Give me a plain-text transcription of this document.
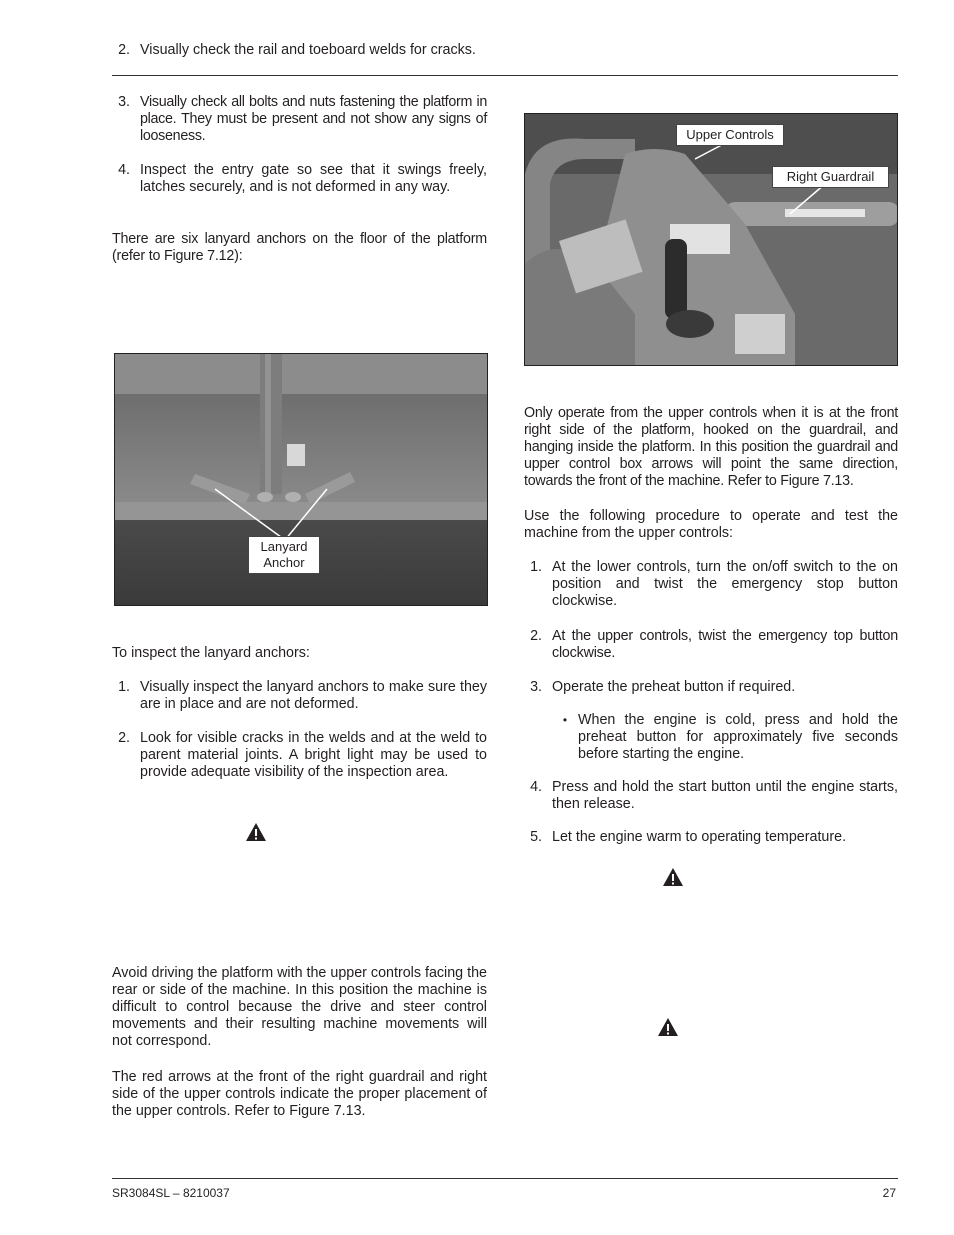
2. Visually check the rail and toeboard welds for cracks.
3. Visually check all bolts and nuts fastening the platform in place. They must be present and not show any signs of looseness.
4. Inspect the entry gate so see that it swings freely, latches securely, and is not deformed in any way.
There are six lanyard anchors on the floor of the platform (refer to Figure 7.12):
Lanyard
Anchor
To inspect the lanyard anchors:
1. Visually inspect the lanyard anchors to make sure they are in place and are not deformed.
2. Look for visible cracks in the welds and at the weld to parent material joints. A bright light may be used to provide adequate visibility of the inspection area.
Avoid driving the platform with the upper controls facing the rear or side of the machine. In this position the machine is difficult to control because the drive and steer control movements and their resulting machine movements will not correspond.
The red arrows at the front of the right guardrail and right side of the upper controls indicate the proper placement of the upper controls. Refer to Figure 7.13.
Upper Controls
Right Guardrail
Only operate from the upper controls when it is at the front right side of the platform, hooked on the guardrail, and hanging inside the platform. In this position the guardrail and upper control box arrows will point the same direction, towards the front of the machine. Refer to Figure 7.13.
Use the following procedure to operate and test the machine from the upper controls:
1. At the lower controls, turn the on/off switch to the on position and twist the emergency stop button clockwise.
2. At the upper controls, twist the emergency top button clockwise.
3. Operate the preheat button if required.
• When the engine is cold, press and hold the preheat button for approximately five seconds before starting the engine.
4. Press and hold the start button until the engine starts, then release.
5. Let the engine warm to operating temperature.
SR3084SL – 8210037	27
